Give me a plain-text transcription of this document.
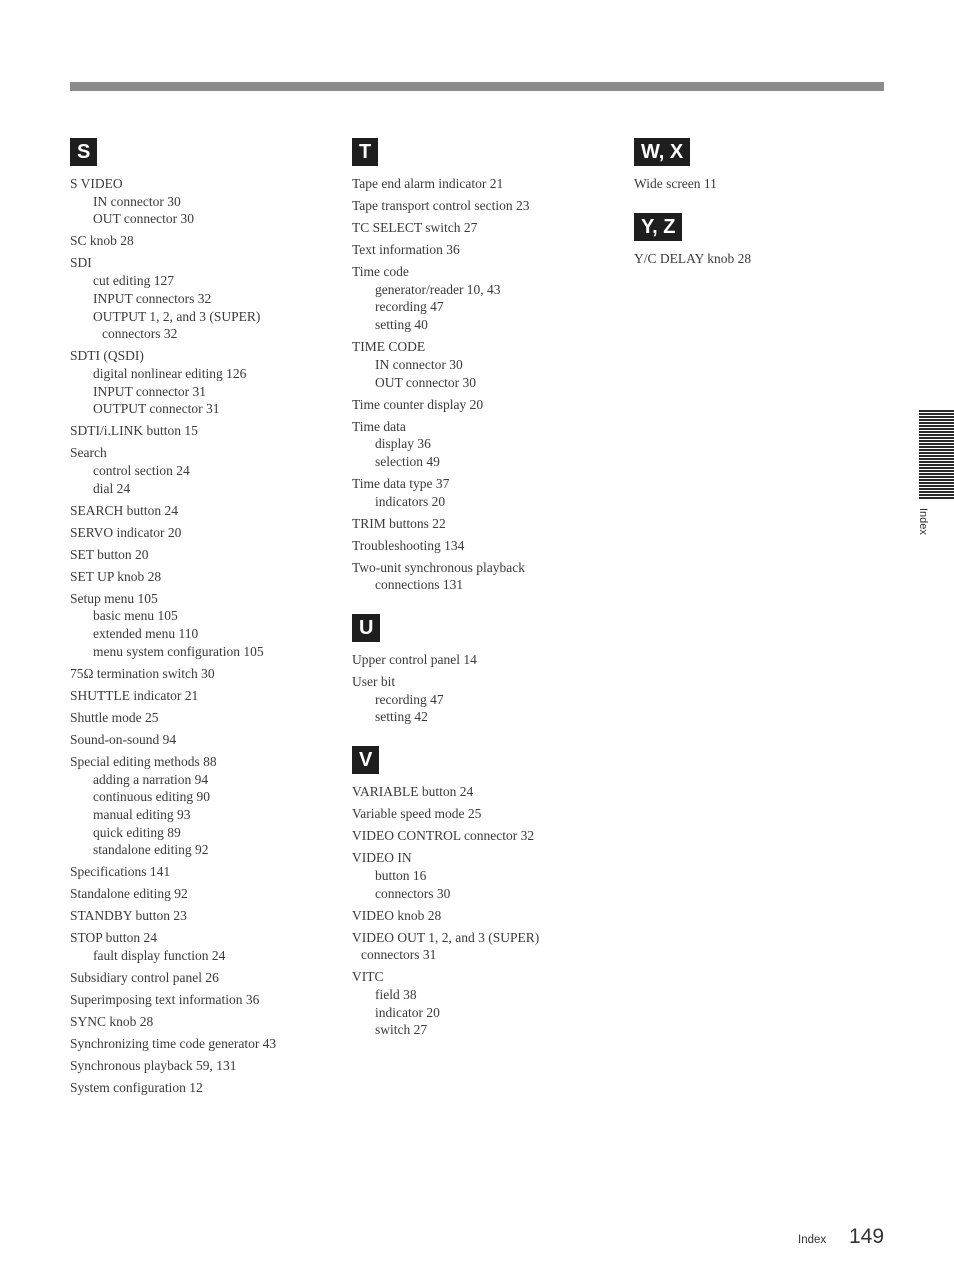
S
S VIDEO
IN connector 30
OUT connector 30
SC knob 28
SDI
cut editing 127
INPUT connectors 32
OUTPUT 1, 2, and 3 (SUPER)
connectors 32
SDTI (QSDI)
digital nonlinear editing 126
INPUT connector 31
OUTPUT connector 31
SDTI/i.LINK button 15
Search
control section 24
dial 24
SEARCH button 24
SERVO indicator 20
SET button 20
SET UP knob 28
Setup menu 105
basic menu 105
extended menu 110
menu system configuration 105
75Ω termination switch 30
SHUTTLE indicator 21
Shuttle mode 25
Sound-on-sound 94
Special editing methods 88
adding a narration 94
continuous editing 90
manual editing 93
quick editing 89
standalone editing 92
Specifications 141
Standalone editing 92
STANDBY button 23
STOP button 24
fault display function 24
Subsidiary control panel 26
Superimposing text information 36
SYNC knob 28
Synchronizing time code generator 43
Synchronous playback 59, 131
System configuration 12
T
Tape end alarm indicator 21
Tape transport control section 23
TC SELECT switch 27
Text information 36
Time code
generator/reader 10, 43
recording 47
setting 40
TIME CODE
IN connector 30
OUT connector 30
Time counter display 20
Time data
display 36
selection 49
Time data type 37
indicators 20
TRIM buttons 22
Troubleshooting 134
Two-unit synchronous playback
connections 131
U
Upper control panel 14
User bit
recording 47
setting 42
V
VARIABLE button 24
Variable speed mode 25
VIDEO CONTROL connector 32
VIDEO IN
button 16
connectors 30
VIDEO knob 28
VIDEO OUT 1, 2, and 3 (SUPER)
connectors 31
VITC
field 38
indicator 20
switch 27
W, X
Wide screen 11
Y, Z
Y/C DELAY knob 28
Index
Index 149
